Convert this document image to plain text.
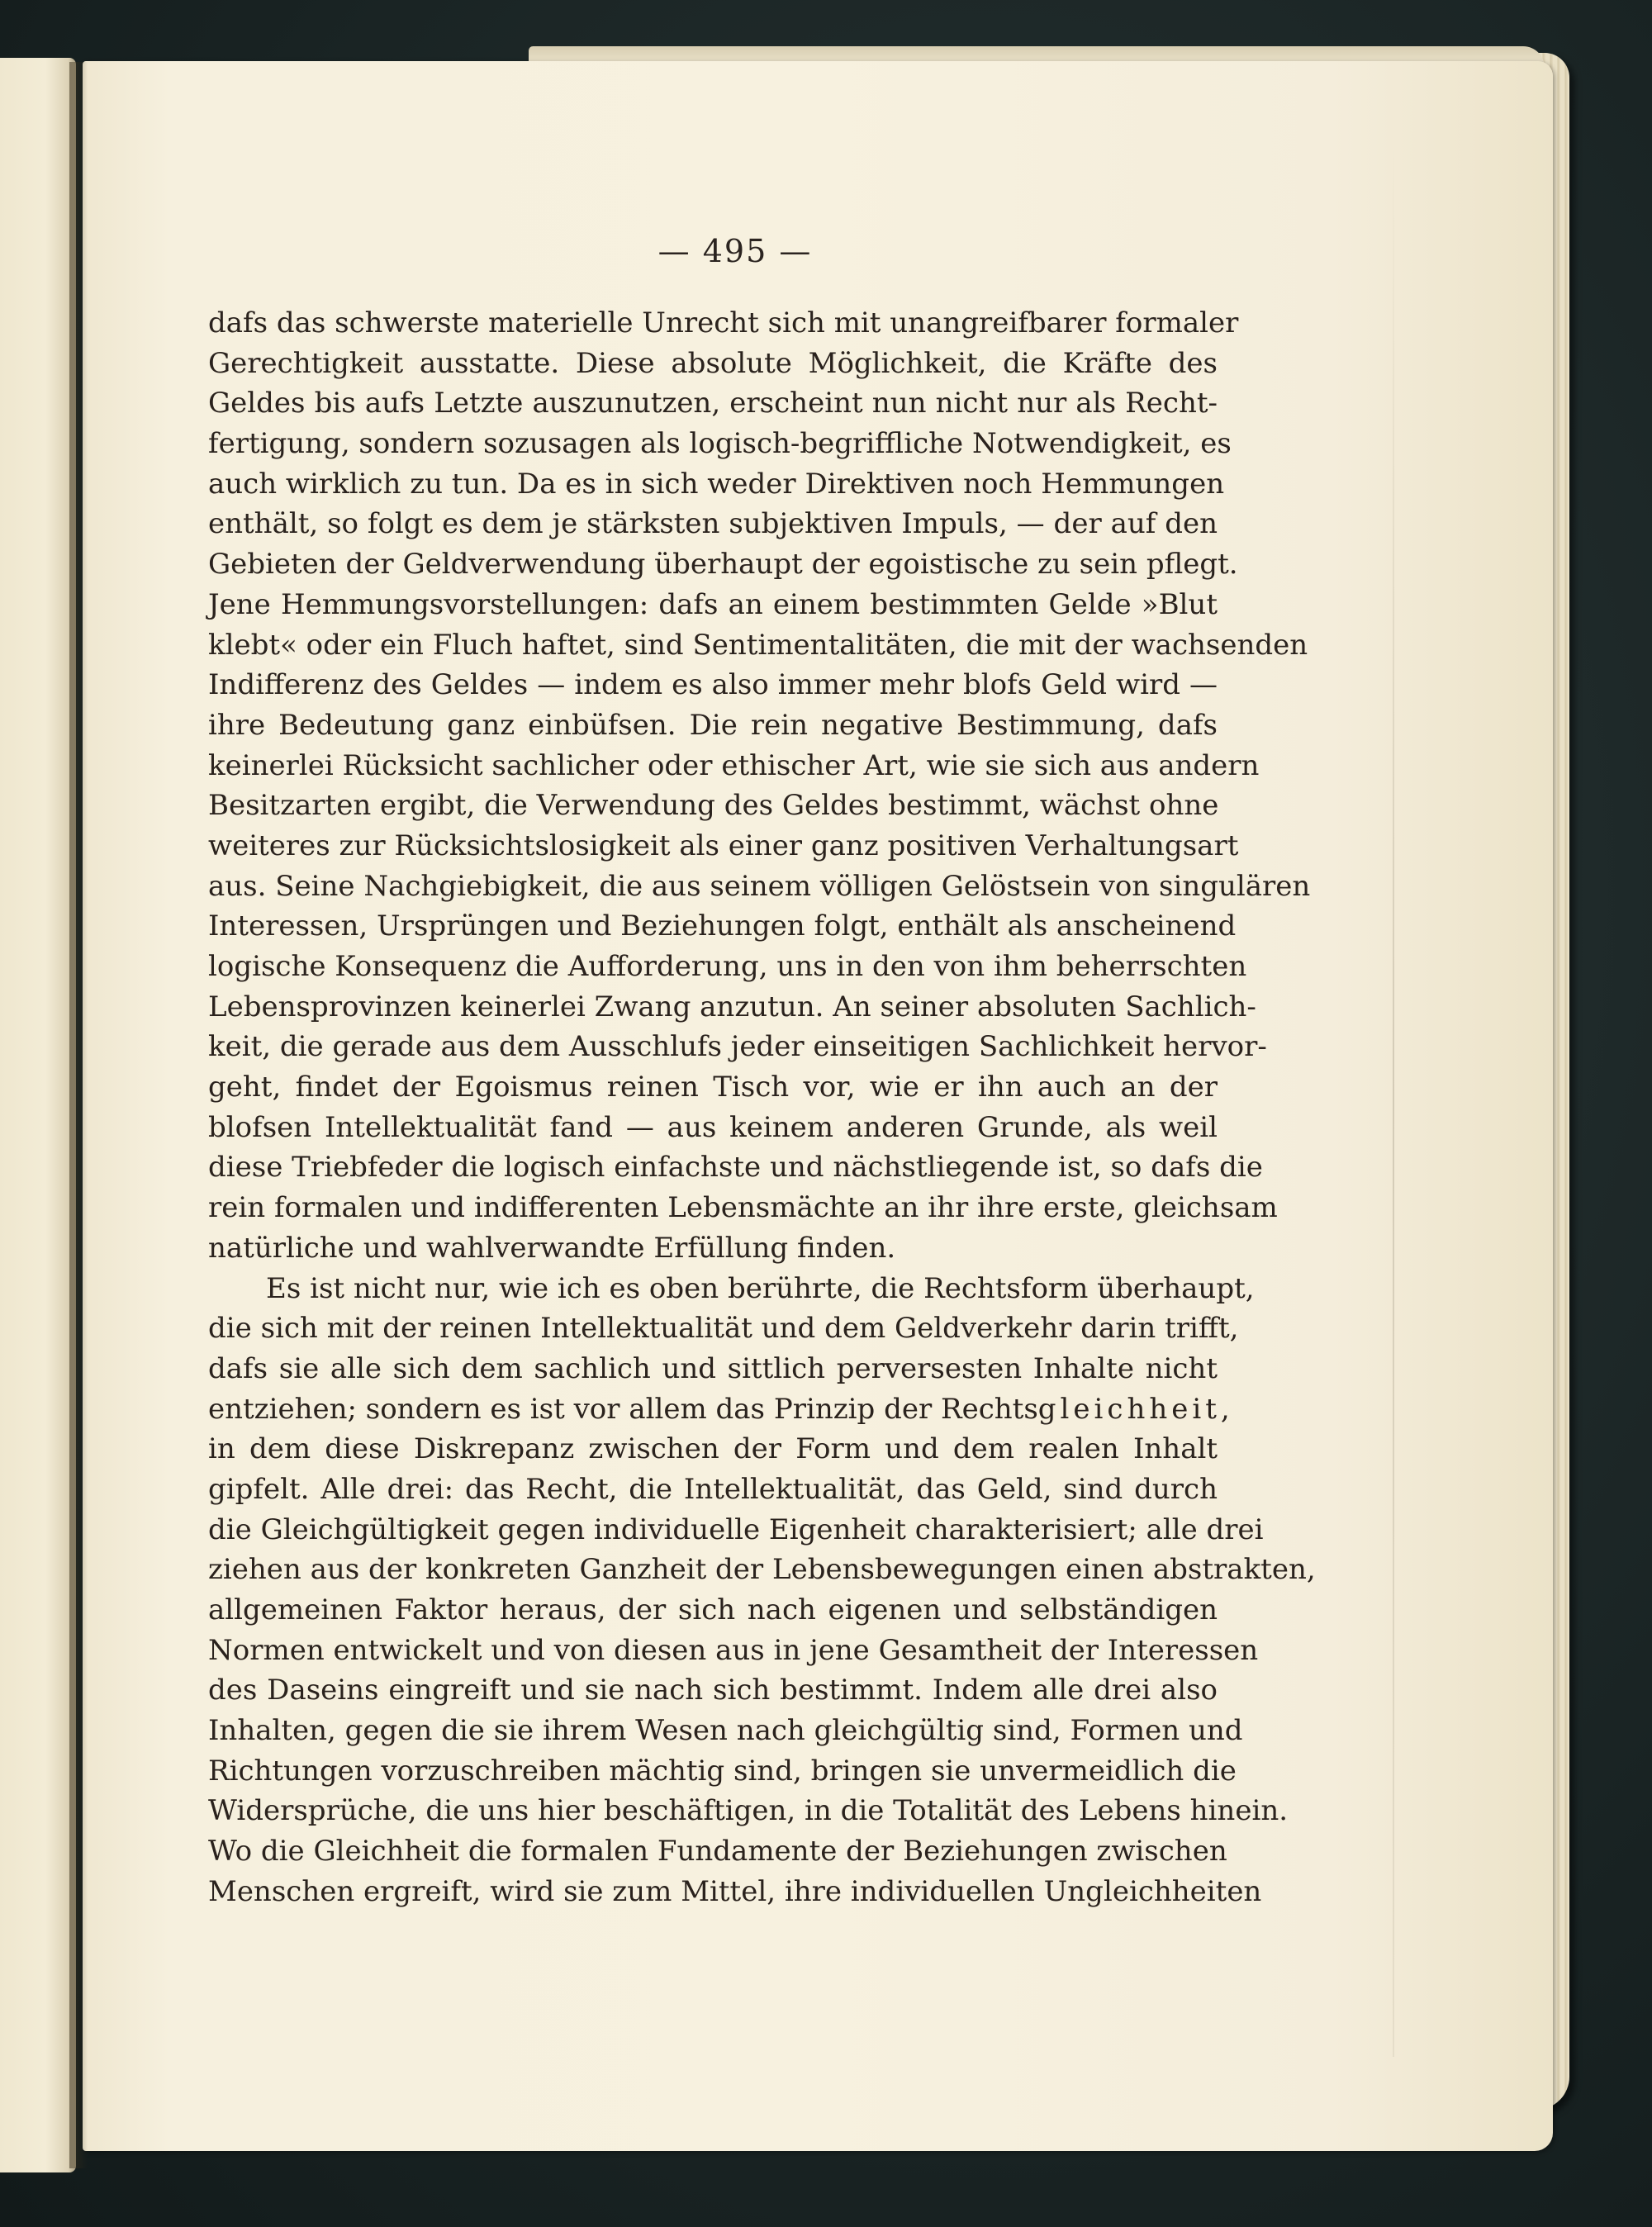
— 495 —
dafs das schwerste materielle Unrecht sich mit unangreifbarer formaler
Gerechtigkeit ausstatte. Diese absolute Möglichkeit, die Kräfte des
Geldes bis aufs Letzte auszunutzen, erscheint nun nicht nur als Recht-
fertigung, sondern sozusagen als logisch-begriffliche Notwendigkeit, es
auch wirklich zu tun. Da es in sich weder Direktiven noch Hemmungen
enthält, so folgt es dem je stärksten subjektiven Impuls, — der auf den
Gebieten der Geldverwendung überhaupt der egoistische zu sein pflegt.
Jene Hemmungsvorstellungen: dafs an einem bestimmten Gelde »Blut
klebt« oder ein Fluch haftet, sind Sentimentalitäten, die mit der wachsenden
Indifferenz des Geldes — indem es also immer mehr blofs Geld wird —
ihre Bedeutung ganz einbüfsen. Die rein negative Bestimmung, dafs
keinerlei Rücksicht sachlicher oder ethischer Art, wie sie sich aus andern
Besitzarten ergibt, die Verwendung des Geldes bestimmt, wächst ohne
weiteres zur Rücksichtslosigkeit als einer ganz positiven Verhaltungsart
aus. Seine Nachgiebigkeit, die aus seinem völligen Gelöstsein von singulären
Interessen, Ursprüngen und Beziehungen folgt, enthält als anscheinend
logische Konsequenz die Aufforderung, uns in den von ihm beherrschten
Lebensprovinzen keinerlei Zwang anzutun. An seiner absoluten Sachlich-
keit, die gerade aus dem Ausschlufs jeder einseitigen Sachlichkeit hervor-
geht, findet der Egoismus reinen Tisch vor, wie er ihn auch an der
blofsen Intellektualität fand — aus keinem anderen Grunde, als weil
diese Triebfeder die logisch einfachste und nächstliegende ist, so dafs die
rein formalen und indifferenten Lebensmächte an ihr ihre erste, gleichsam
natürliche und wahlverwandte Erfüllung finden.
Es ist nicht nur, wie ich es oben berührte, die Rechtsform überhaupt,
die sich mit der reinen Intellektualität und dem Geldverkehr darin trifft,
dafs sie alle sich dem sachlich und sittlich perversesten Inhalte nicht
entziehen; sondern es ist vor allem das Prinzip der Rechtsgleichheit,
in dem diese Diskrepanz zwischen der Form und dem realen Inhalt
gipfelt. Alle drei: das Recht, die Intellektualität, das Geld, sind durch
die Gleichgültigkeit gegen individuelle Eigenheit charakterisiert; alle drei
ziehen aus der konkreten Ganzheit der Lebensbewegungen einen abstrakten,
allgemeinen Faktor heraus, der sich nach eigenen und selbständigen
Normen entwickelt und von diesen aus in jene Gesamtheit der Interessen
des Daseins eingreift und sie nach sich bestimmt. Indem alle drei also
Inhalten, gegen die sie ihrem Wesen nach gleichgültig sind, Formen und
Richtungen vorzuschreiben mächtig sind, bringen sie unvermeidlich die
Widersprüche, die uns hier beschäftigen, in die Totalität des Lebens hinein.
Wo die Gleichheit die formalen Fundamente der Beziehungen zwischen
Menschen ergreift, wird sie zum Mittel, ihre individuellen Ungleichheiten
